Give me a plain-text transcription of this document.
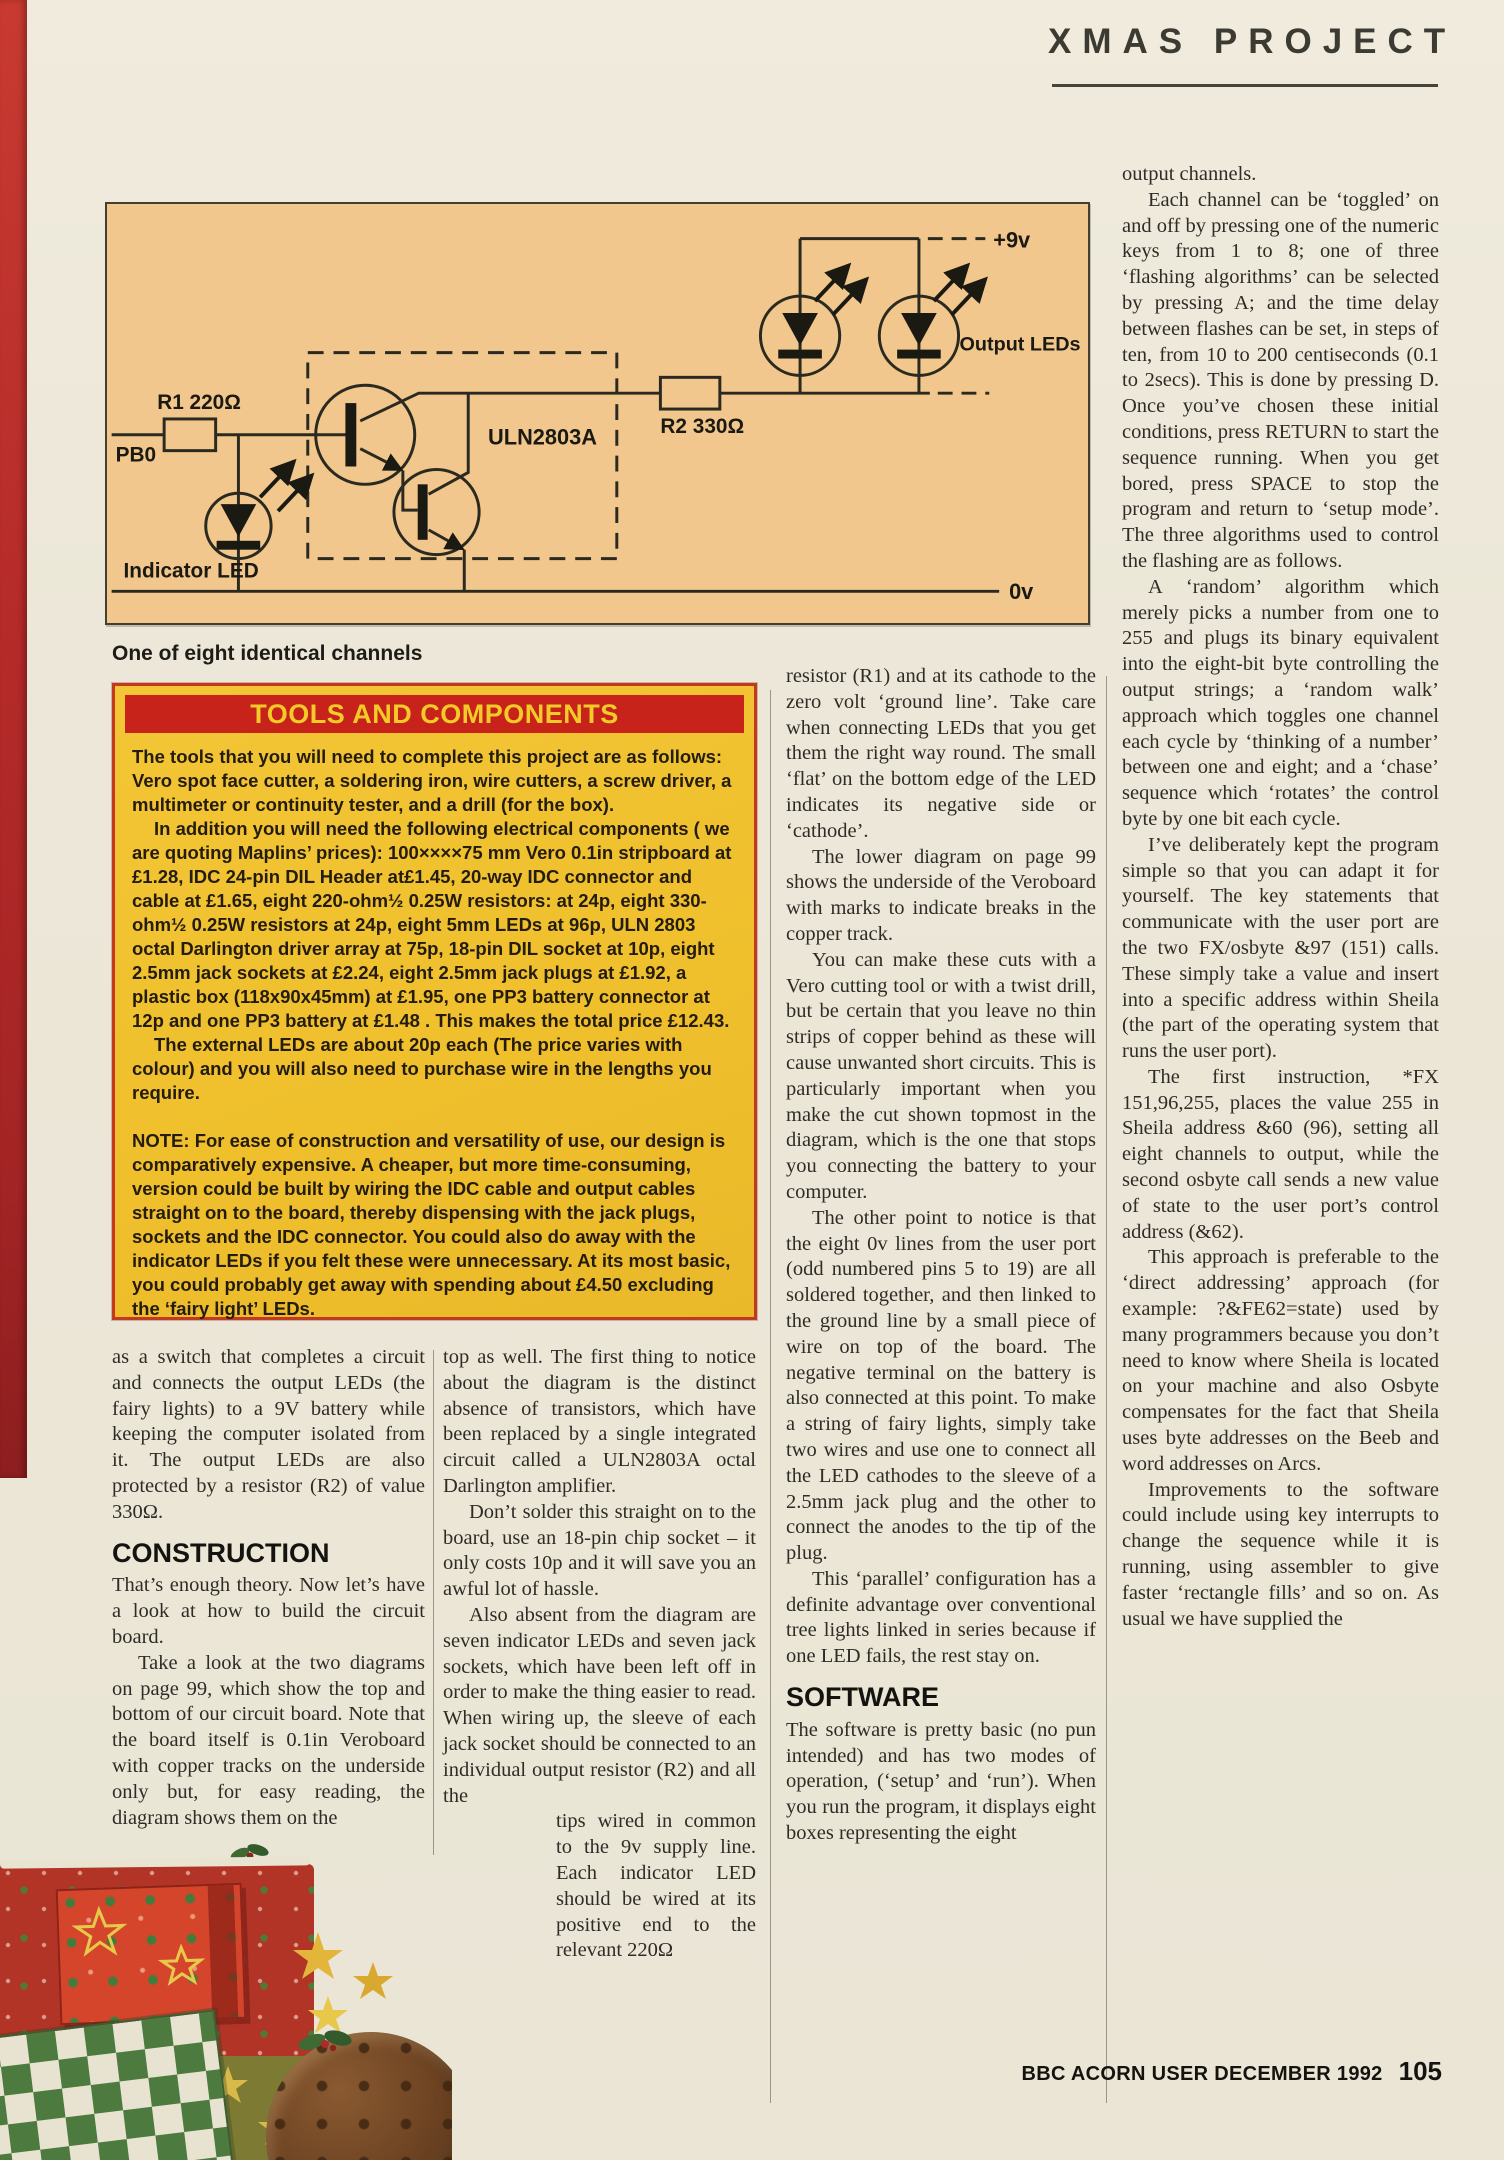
XMAS PROJECT
R1 220Ω
PB0
Indicator LED
ULN2803A	R2 330Ω
+9v
Output LEDs
0v
One of eight identical channels
TOOLS AND COMPONENTS

The tools that you will need to complete this project are as follows: Vero spot face cutter, a soldering iron, wire cutters, a screw driver, a multimeter or continuity tester, and a drill (for the box).

In addition you will need the following electrical components ( we are quoting Maplins’ prices): 100××××75 mm Vero 0.1in stripboard at £1.28, IDC 24-pin DIL Header at£1.45, 20-way IDC connector and cable at £1.65, eight 220-ohm½ 0.25W resistors: at 24p, eight 330-ohm½ 0.25W resistors at 24p, eight 5mm LEDs at 96p, ULN 2803 octal Darlington driver array at 75p, 18-pin DIL socket at 10p, eight 2.5mm jack sockets at £2.24, eight 2.5mm jack plugs at £1.92, a plastic box (118x90x45mm) at £1.95, one PP3 battery connector at 12p and one PP3 battery at £1.48 . This makes the total price £12.43.

The external LEDs are about 20p each (The price varies with colour) and you will also need to purchase wire in the lengths you require.

NOTE: For ease of construction and versatility of use, our design is comparatively expensive. A cheaper, but more time-consuming, version could be built by wiring the IDC cable and output cables straight on to the board, thereby dispensing with the jack plugs, sockets and the IDC connector. You could also do away with the indicator LEDs if you felt these were unnecessary. At its most basic, you could probably get away with spending about £4.50 excluding the ‘fairy light’ LEDs.

as a switch that completes a circuit and connects the output LEDs (the fairy lights) to a 9V battery while keeping the computer isolated from it. The output LEDs are also protected by a resistor (R2) of value 330Ω.

CONSTRUCTION

That’s enough theory. Now let’s have a look at how to build the circuit board.

Take a look at the two diagrams on page 99, which show the top and bottom of our circuit board. Note that the board itself is 0.1in Veroboard with copper tracks on the underside only but, for easy reading, the diagram shows them on the

top as well. The first thing to notice about the diagram is the distinct absence of transistors, which have been replaced by a single integrated circuit called a ULN2803A octal Darlington amplifier.

Don’t solder this straight on to the board, use an 18-pin chip socket – it only costs 10p and it will save you an awful lot of hassle.

Also absent from the diagram are seven indicator LEDs and seven jack sockets, which have been left off in order to make the thing easier to read. When wiring up, the sleeve of each jack socket should be connected to an individual output resistor (R2) and all the

tips wired in common to the 9v supply line. Each indicator LED should be wired at its positive end to the relevant 220Ω

resistor (R1) and at its cathode to the zero volt ‘ground line’. Take care when connecting LEDs that you get them the right way round. The small ‘flat’ on the bottom edge of the LED indicates its negative side or ‘cathode’.

The lower diagram on page 99 shows the underside of the Veroboard with marks to indicate breaks in the copper track.

You can make these cuts with a Vero cutting tool or with a twist drill, but be certain that you leave no thin strips of copper behind as these will cause unwanted short circuits. This is particularly important when you make the cut shown topmost in the diagram, which is the one that stops you connecting the battery to your computer.

The other point to notice is that the eight 0v lines from the user port (odd numbered pins 5 to 19) are all soldered together, and then linked to the ground line by a small piece of wire on top of the board. The negative terminal on the battery is also connected at this point. To make a string of fairy lights, simply take two wires and use one to connect all the LED cathodes to the sleeve of a 2.5mm jack plug and the other to connect the anodes to the tip of the plug.

This ‘parallel’ configuration has a definite advantage over conventional tree lights linked in series because if one LED fails, the rest stay on.

SOFTWARE

The software is pretty basic (no pun intended) and has two modes of operation, (‘setup’ and ‘run’). When you run the program, it displays eight boxes representing the eight

output channels.

Each channel can be ‘toggled’ on and off by pressing one of the numeric keys from 1 to 8; one of three ‘flashing algorithms’ can be selected by pressing A; and the time delay between flashes can be set, in steps of ten, from 10 to 200 centiseconds (0.1 to 2secs). This is done by pressing D. Once you’ve chosen these initial conditions, press RETURN to start the sequence running. When you get bored, press SPACE to stop the program and return to ‘setup mode’. The three algorithms used to control the flashing are as follows.

A ‘random’ algorithm which merely picks a number from one to 255 and plugs its binary equivalent into the eight-bit byte controlling the output strings; a ‘random walk’ approach which toggles one channel each cycle by ‘thinking of a number’ between one and eight; and a ‘chase’ sequence which ‘rotates’ the control byte by one bit each cycle.

I’ve deliberately kept the program simple so that you can adapt it for yourself. The key statements that communicate with the user port are the two FX/osbyte &97 (151) calls. These simply take a value and insert into a specific address within Sheila (the part of the operating system that runs the user port).

The first instruction, *FX 151,96,255, places the value 255 in Sheila address &60 (96), setting all eight channels to output, while the second osbyte call sends a new value of state to the user port’s control address (&62).

This approach is preferable to the ‘direct addressing’ approach (for example: ?&FE62=state) used by many programmers because you don’t need to know where Sheila is located on your machine and also Osbyte compensates for the fact that Sheila uses byte addresses on the Beeb and word addresses on Arcs.

Improvements to the software could include using key interrupts to change the sequence while it is running, using assembler to give faster ‘rectangle fills’ and so on. As usual we have supplied the

BBC ACORN USER DECEMBER 1992 105
